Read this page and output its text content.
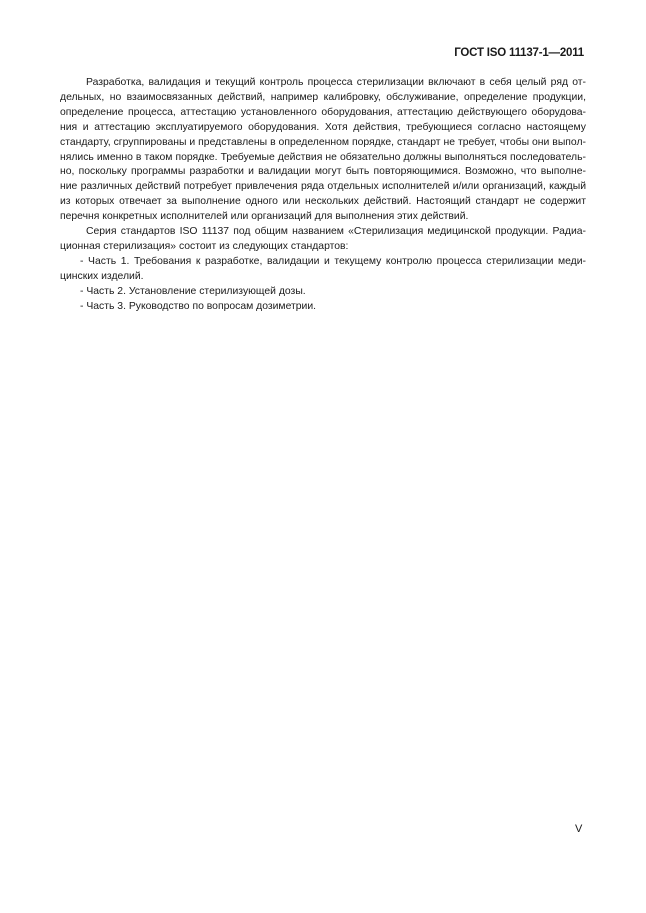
ГОСТ ISO 11137-1—2011
Разработка, валидация и текущий контроль процесса стерилизации включают в себя целый ряд от-
дельных, но взаимосвязанных действий, например калибровку, обслуживание, определение продукции,
определение процесса, аттестацию установленного оборудования, аттестацию действующего оборудова-
ния и аттестацию эксплуатируемого оборудования. Хотя действия, требующиеся согласно настоящему
стандарту, сгруппированы и представлены в определенном порядке, стандарт не требует, чтобы они выпол-
нялись именно в таком порядке. Требуемые действия не обязательно должны выполняться последователь-
но, поскольку программы разработки и валидации могут быть повторяющимися. Возможно, что выполне-
ние различных действий потребует привлечения ряда отдельных исполнителей и/или организаций, каждый
из которых отвечает за выполнение одного или нескольких действий. Настоящий стандарт не содержит
перечня конкретных исполнителей или организаций для выполнения этих действий.
Серия стандартов ISO 11137 под общим названием «Стерилизация медицинской продукции. Радиа-
ционная стерилизация» состоит из следующих стандартов:
- Часть 1. Требования к разработке, валидации и текущему контролю процесса стерилизации меди-
цинских изделий.
- Часть 2. Установление стерилизующей дозы.
- Часть 3. Руководство по вопросам дозиметрии.
V
